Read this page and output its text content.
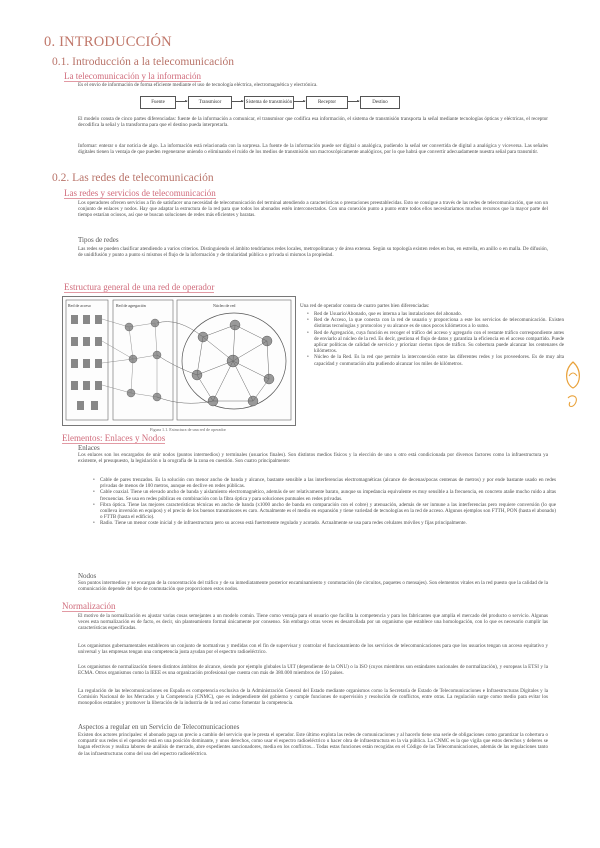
0. INTRODUCCIÓN
0.1. Introducción a la telecomunicación
La telecomunicación y la información
Es el envío de información de forma eficiente mediante el uso de tecnología eléctrica, electromagnética y electrónica.
Fuente	Transmisor	Sistema de transmisión	Receptor	Destino
El modelo consta de cinco partes diferenciadas: fuente de la información a comunicar, el transmisor que codifica esa información, el sistema de transmisión transporta la señal mediante tecnologías ópticas y eléctricas, el receptor decodifica la señal y la transforma para que el destino pueda interpretarla.
Informar: enterar o dar noticia de algo. La información está relacionada con la sorpresa. La fuente de la información puede ser digital o analógica, pudiendo la señal ser convertida de digital a analógica y viceversa. Las señales digitales tienen la ventaja de que pueden regenerarse uniendo o eliminando el ruido de los medios de transmisión son macroscópicamente analógicos, por lo que habrá que convertir adecuadamente nuestra señal para transmitir.
0.2. Las redes de telecomunicación
Las redes y servicios de telecomunicación
Los operadores ofrecen servicios a fin de satisfacer una necesidad de telecomunicación del terminal atendiendo a características o prestaciones preestablecidas. Esto se consigue a través de las redes de telecomunicación, que son un conjunto de enlaces y nodos. Hay que adaptar la estructura de la red para que todos los abonados estén interconectados. Con una conexión punto a punto entre todos ellos necesitaríamos muchos recursos que la mayor parte del tiempo estarían ociosos, así que se buscan soluciones de redes más eficientes y baratas.
Tipos de redes
Las redes se pueden clasificar atendiendo a varios criterios. Distinguiendo el ámbito tendríamos redes locales, metropolitanas y de área extensa. Según su topología existen redes en bus, en estrella, en anillo o en malla. De difusión, de unidifusión y punto a punto si mismos el flujo de la información y de titularidad pública o privada si mismos la propiedad.
Estructura general de una red de operador
Red de acceso	Red de agregación	Núcleo de red
Figura 1.1. Estructura de una red de operador
Una red de operador consta de cuatro partes bien diferenciadas:
• Red de Usuario/Abonado, que es interna a las instalaciones del abonado.
• Red de Acceso, la que conecta con la red de usuario y proporciona a este los servicios de telecomunicación. Existen distintas tecnologías y protocolos y su alcance es de unos pocos kilómetros a lo sumo.
• Red de Agregación, cuya función es recoger el tráfico del acceso y agregarlo con el restante tráfico correspondiente antes de enviarlo al núcleo de la red. Es decir, gestiona el flujo de datos y garantiza la eficiencia en el acceso compartido. Puede aplicar políticas de calidad de servicio y priorizar ciertos tipos de tráfico. Su cobertura puede alcanzar los centenares de kilómetros.
• Núcleo de la Red. Es la red que permite la interconexión entre las diferentes redes y los proveedores. Es de muy alta capacidad y conmutación alta pudiendo alcanzar los miles de kilómetros.
Elementos: Enlaces y Nodos
Enlaces
Los enlaces son los encargados de unir nodos (puntos intermedios) y terminales (usuarios finales). Son distintos medios físicos y la elección de uno u otro está condicionada por diversos factores como la infraestructura ya existente, el presupuesto, la legislación o la orografía de la zona en cuestión. Son cuatro principalmente:
• Cable de pares trenzados. Es la solución con menor ancho de banda y alcance, bastante sensible a las interferencias electromagnéticas (alcance de decenas/pocas centenas de metros) y por ende bastante usado en redes privadas de menos de 100 metros, aunque en declive en redes públicas.
• Cable coaxial. Tiene un elevado ancho de banda y aislamiento electromagnético, además de ser relativamente barato, aunque su impedancia equivalente es muy sensible a la frecuencia, en concreto atañe mucho ruido a altas frecuencias. Se usa en redes públicas en combinación con la fibra óptica y para soluciones puntuales en redes privadas.
• Fibra óptica. Tiene las mejores características técnicas en ancho de banda (x1000 ancho de banda en comparación con el cobre) y atenuación, además de ser inmune a las interferencias pero requiere conversión (lo que conlleva inversión en equipos) y el precio de los buenos transmisores es caro. Actualmente es el medio en expansión y tiene variedad de tecnologías en la red de acceso. Algunos ejemplos son FTTH, PON (hasta el abonado) o FTTB (hasta el edificio).
• Radio. Tiene un menor coste inicial y de infraestructura pero su acceso está fuertemente regulado y acotado. Actualmente se usa para redes celulares móviles y fijas principalmente.
Nodos
Son puntos intermedios y se encargan de la concentración del tráfico y de su inmediatamente posterior encaminamiento y conmutación (de circuitos, paquetes o mensajes). Son elementos vitales en la red puesto que la calidad de la comunicación depende del tipo de conmutación que proporcionen estos nodos.
Normalización
El motivo de la normalización es ajustar varias cosas semejantes a un modelo común. Tiene como ventaja para el usuario que facilita la competencia y para los fabricantes que amplía el mercado del producto o servicio. Algunas veces esta normalización es de facto, es decir, sin planteamiento formal únicamente por consenso. Sin embargo otras veces es desarrollada por un organismo que establece una homologación, con lo que es necesario cumplir las características especificadas.
Los organismos gubernamentales establecen un conjunto de normativas y medidas con el fin de supervisar y controlar el funcionamiento de los servicios de telecomunicaciones para que los usuarios tengan un acceso equitativo y universal y las empresas tengan una competencia justa ayudan por el espectro radioeléctrico.
Los organismos de normalización tienen distintos ámbitos de alcance, siendo por ejemplo globales la UIT (dependiente de la ONU) o la ISO (cuyos miembros son estándares nacionales de normalización), y europeas la ETSI y la ECMA. Otros organismos como la IEEE es una organización profesional que cuenta con más de 380.000 miembros de 150 países.
La regulación de las telecomunicaciones en España es competencia exclusiva de la Administración General del Estado mediante organismos como la Secretaría de Estado de Telecomunicaciones e Infraestructuras Digitales y la Comisión Nacional de los Mercados y la Competencia (CNMC), que es independiente del gobierno y cumple funciones de supervisión y resolución de conflictos, entre otras. La regulación surge como medio para evitar los monopolios estatales y promover la liberación de la industria de la red así como fomentar la competencia.
Aspectos a regular en un Servicio de Telecomunicaciones
Existen dos actores principales: el abonado paga un precio a cambio del servicio que le presta el operador. Este último explota las redes de comunicaciones y al hacerlo tiene una serie de obligaciones como garantizar la cobertura o compartir sus redes si el operador está en una posición dominante, y unos derechos, como usar el espectro radioeléctrico u hacer obra de infraestructura en la vía pública. La CNMC es la que vigila que estos derechos y deberes se hagan efectivos y realiza labores de análisis de mercado, abre expedientes sancionadores, media en los conflictos... Todas estas funciones están recogidas en el Código de las Telecomunicaciones, además de las regulaciones tanto de las infraestructuras como del uso del espectro radioeléctrico.
